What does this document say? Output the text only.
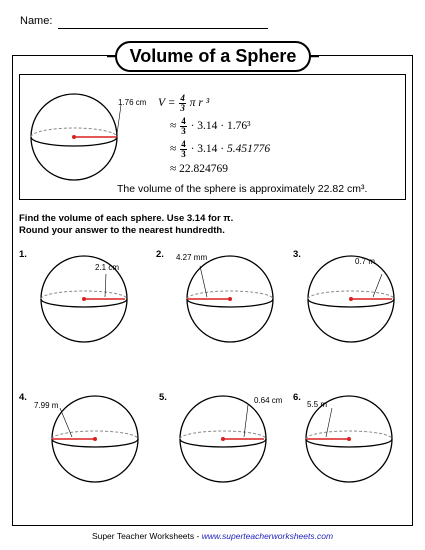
Name:
Volume of a Sphere
1.76 cm $V = \frac{4}{3}$ π r ³
≈ $\frac{4}{3} \cdot 3.14 \cdot 1.76^3$
≈ $\frac{4}{3} \cdot 3.14 \cdot 5.451776$
≈ 22.824769
The volume of the sphere is approximately 22.82 cm³.
Find the volume of each sphere. Use 3.14 for π.
Round your answer to the nearest hundredth.
1.
2.1 cm
2. 4.27 mm	3.
0.7 m
4.
7.99 m
5.	0.64 cm 6.
5.5 m
Super Teacher Worksheets - www.superteacherworksheets.com
